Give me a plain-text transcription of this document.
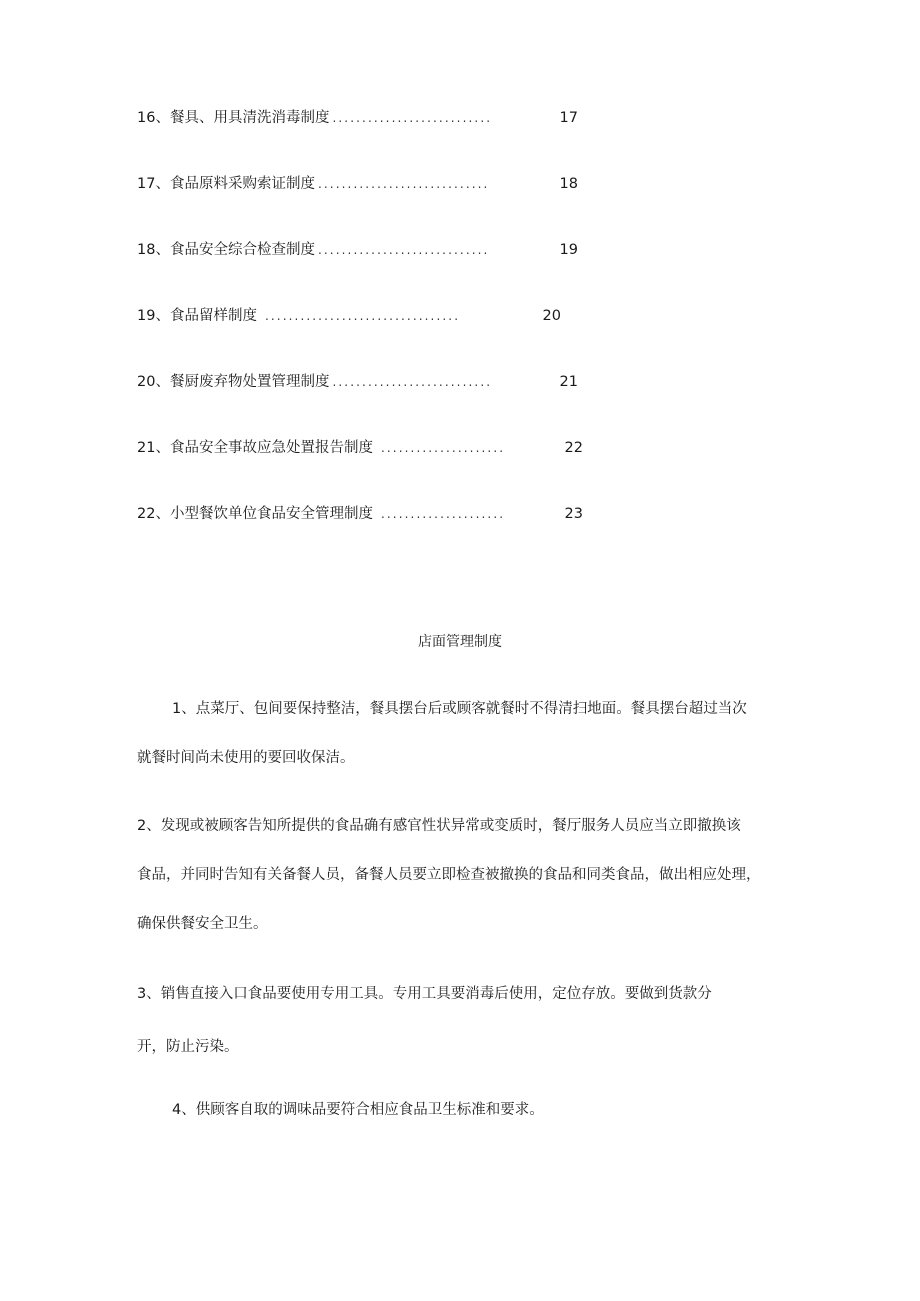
16、餐具、用具清洗消毒制度 ...........................	17
17、食品原料采购索证制度 .............................	18
18、食品安全综合检查制度 .............................	19
19、食品留样制度 .................................	20
20、餐厨废弃物处置管理制度 ...........................	21
21、食品安全事故应急处置报告制度 .....................	22
22、小型餐饮单位食品安全管理制度 .....................	23
店面管理制度
1、点菜厅、包间要保持整洁，餐具摆台后或顾客就餐时不得清扫地面。餐具摆台超过当次
就餐时间尚未使用的要回收保洁。
2、发现或被顾客告知所提供的食品确有感官性状异常或变质时，餐厅服务人员应当立即撤换该
食品，并同时告知有关备餐人员，备餐人员要立即检查被撤换的食品和同类食品，做出相应处理，
确保供餐安全卫生。
3、销售直接入口食品要使用专用工具。专用工具要消毒后使用，定位存放。要做到货款分
开，防止污染。
4、供顾客自取的调味品要符合相应食品卫生标准和要求。
